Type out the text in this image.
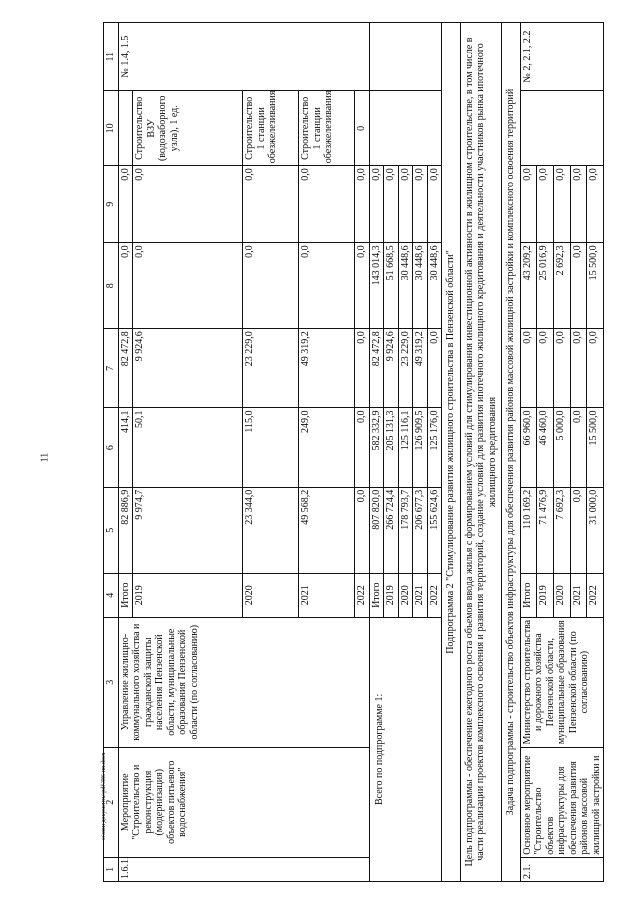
11
c:\мои документы\pdf\386-пп.docx
1	2	3	4	5	6	7	8	9	10	11
1.6.1.	Мероприятие "Строительство и реконструкция (модернизация) объектов питьевого водоснабжения"	Управление жилищно-коммунального хозяйства и гражданской защиты населения Пензенской области, муниципальные образования Пензенской области (по согласованию)	Итого	82 886,9	414,1	82 472,8	0,0	0,0		№ 1.4, 1.5
			2019	9 974,7	50,1	9 924,6	0,0	0,0	Строительство ВЗУ (водозаборного узла), 1 ед.	
			2020	23 344,0	115,0	23 229,0	0,0	0,0	Строительство 1 станции обезжелезивания	
			2021	49 568,2	249,0	49 319,2	0,0	0,0	Строительство 1 станции обезжелезивания	
			2022	0,0	0,0	0,0	0,0	0,0	0	
Всего по подпрограмме 1:			Итого	807 820,0	582 332,9	82 472,8	143 014,3	0,0		
			2019	266 724,4	205 131,3	9 924,6	51 668,5	0,0		
			2020	178 793,7	125 116,1	23 229,0	30 448,6	0,0		
			2021	206 677,3	126 909,5	49 319,2	30 448,6	0,0		
			2022	155 624,6	125 176,0	0,0	30 448,6	0,0		
Подпрограмма 2 "Стимулирование развития жилищного строительства в Пензенской области"										
Цель подпрограммы - обеспечение ежегодного роста объемов ввода жилья с формированием условий для стимулирования инвестиционной активности в жилищном строительстве, в том числе в части реализации проектов комплексного освоения и развития территорий, создание условий для развития ипотечного жилищного кредитования и деятельности участников рынка ипотечного жилищного кредитования										
Задача подпрограммы - строительство объектов инфраструктуры для обеспечения развития районов массовой жилищной застройки и комплексного освоения территорий										
2.1.	Основное мероприятие "Строительство объектов инфраструктуры для обеспечения развития районов массовой жилищной застройки и	Министерство строительства и дорожного хозяйства Пензенской области, муниципальные образования Пензенской области (по согласованию)	Итого	110 169,2	66 960,0	0,0	43 209,2	0,0		№ 2, 2.1, 2.2
			2019	71 476,9	46 460,0	0,0	25 016,9	0,0		
			2020	7 692,3	5 000,0	0,0	2 692,3	0,0		
			2021	0,0	0,0	0,0	0,0	0,0		
			2022	31 000,0	15 500,0	0,0	15 500,0	0,0		
